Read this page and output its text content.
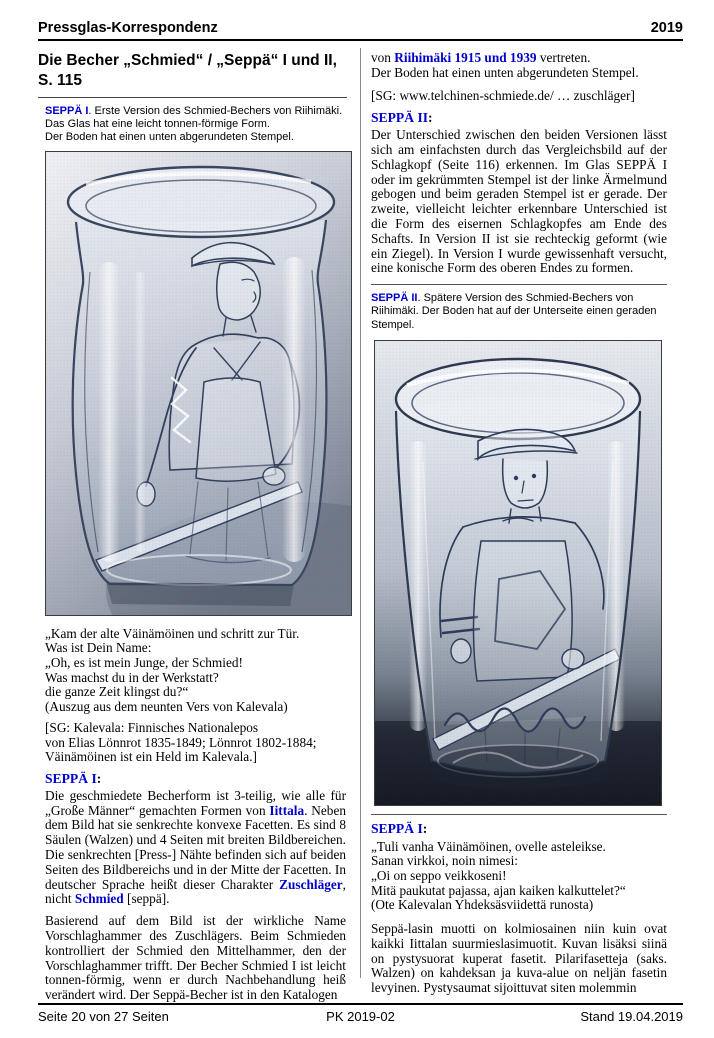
Pressglas-Korrespondenz	2019
Die Becher „Schmied“ / „Seppä“ I und II, S. 115
SEPPÄ I. Erste Version des Schmied-Bechers von Riihimäki.
Das Glas hat eine leicht tonnen-förmige Form.
Der Boden hat einen unten abgerundeten Stempel.
„Kam der alte Väinämöinen und schritt zur Tür.
Was ist Dein Name:
„Oh, es ist mein Junge, der Schmied!
Was machst du in der Werkstatt?
die ganze Zeit klingst du?“
(Auszug aus dem neunten Vers von Kalevala)
[SG: Kalevala: Finnisches Nationalepos
von Elias Lönnrot 1835-1849; Lönnrot 1802-1884;
Väinämöinen ist ein Held im Kalevala.]
SEPPÄ I:
Die geschmiedete Becherform ist 3-teilig, wie alle für „Große Männer“ gemachten Formen von Iittala. Neben dem Bild hat sie senkrechte konvexe Facetten. Es sind 8 Säulen (Walzen) und 4 Seiten mit breiten Bildbereichen. Die senkrechten [Press-] Nähte befinden sich auf beiden Seiten des Bildbereichs und in der Mitte der Facetten. In deutscher Sprache heißt dieser Charakter Zuschläger, nicht Schmied [seppä].
Basierend auf dem Bild ist der wirkliche Name Vorschlaghammer des Zuschlägers. Beim Schmieden kontrolliert der Schmied den Mittelhammer, den der Vorschlaghammer trifft. Der Becher Schmied I ist leicht tonnen-förmig, wenn er durch Nachbehandlung heiß verändert wird. Der Seppä-Becher ist in den Katalogen
von Riihimäki 1915 und 1939 vertreten.
Der Boden hat einen unten abgerundeten Stempel.
[SG: www.telchinen-schmiede.de/ … zuschläger]
SEPPÄ II:
Der Unterschied zwischen den beiden Versionen lässt sich am einfachsten durch das Vergleichsbild auf der Schlagkopf (Seite 116) erkennen. Im Glas SEPPÄ I oder im gekrümmten Stempel ist der linke Ärmelmund gebogen und beim geraden Stempel ist er gerade. Der zweite, vielleicht leichter erkennbare Unterschied ist die Form des eisernen Schlagkopfes am Ende des Schafts. In Version II ist sie rechteckig geformt (wie ein Ziegel). In Version I wurde gewissenhaft versucht, eine konische Form des oberen Endes zu formen.
SEPPÄ II. Spätere Version des Schmied-Bechers von Riihimäki. Der Boden hat auf der Unterseite einen geraden Stempel.
SEPPÄ I:
„Tuli vanha Väinämöinen, ovelle asteleikse.
Sanan virkkoi, noin nimesi:
„Oi on seppo veikkoseni!
Mitä paukutat pajassa, ajan kaiken kalkuttelet?“
(Ote Kalevalan Yhdeksäsviidettä runosta)
Seppä-lasin muotti on kolmiosainen niin kuin ovat kaikki Iittalan suurmieslasimuotit. Kuvan lisäksi siinä on pystysuorat kuperat fasetit. Pilarifasetteja (saks. Walzen) on kahdeksan ja kuva-alue on neljän fasetin levyinen. Pystysaumat sijoittuvat siten molemmin
Seite 20 von 27 Seiten	PK 2019-02	Stand 19.04.2019
